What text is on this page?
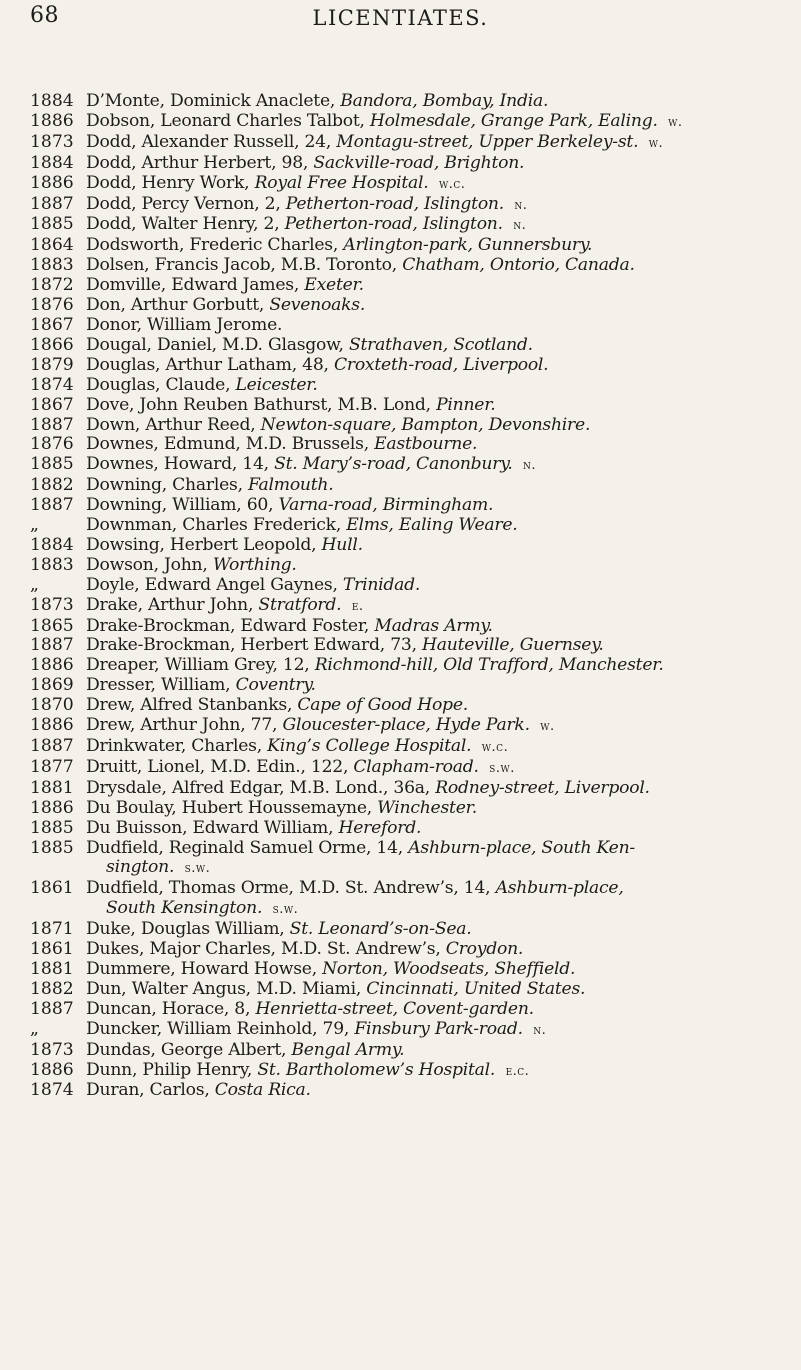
68	LICENTIATES.
1884 D’Monte, Dominick Anaclete, Bandora, Bombay, India.
1886 Dobson, Leonard Charles Talbot, Holmesdale, Grange Park, Ealing. w.
1873 Dodd, Alexander Russell, 24, Montagu-street, Upper Berkeley-st. w.
1884 Dodd, Arthur Herbert, 98, Sackville-road, Brighton.
1886 Dodd, Henry Work, Royal Free Hospital. w.c.
1887 Dodd, Percy Vernon, 2, Petherton-road, Islington. n.
1885 Dodd, Walter Henry, 2, Petherton-road, Islington. n.
1864 Dodsworth, Frederic Charles, Arlington-park, Gunnersbury.
1883 Dolsen, Francis Jacob, M.B. Toronto, Chatham, Ontorio, Canada.
1872 Domville, Edward James, Exeter.
1876 Don, Arthur Gorbutt, Sevenoaks.
1867 Donor, William Jerome.
1866 Dougal, Daniel, M.D. Glasgow, Strathaven, Scotland.
1879 Douglas, Arthur Latham, 48, Croxteth-road, Liverpool.
1874 Douglas, Claude, Leicester.
1867 Dove, John Reuben Bathurst, M.B. Lond, Pinner.
1887 Down, Arthur Reed, Newton-square, Bampton, Devonshire.
1876 Downes, Edmund, M.D. Brussels, Eastbourne.
1885 Downes, Howard, 14, St. Mary’s-road, Canonbury. n.
1882 Downing, Charles, Falmouth.
1887 Downing, William, 60, Varna-road, Birmingham.
„	Downman, Charles Frederick, Elms, Ealing Weare.
1884 Dowsing, Herbert Leopold, Hull.
1883 Dowson, John, Worthing.
„	Doyle, Edward Angel Gaynes, Trinidad.
1873 Drake, Arthur John, Stratford. e.
1865 Drake-Brockman, Edward Foster, Madras Army.
1887 Drake-Brockman, Herbert Edward, 73, Hauteville, Guernsey.
1886 Dreaper, William Grey, 12, Richmond-hill, Old Trafford, Manchester.
1869 Dresser, William, Coventry.
1870 Drew, Alfred Stanbanks, Cape of Good Hope.
1886 Drew, Arthur John, 77, Gloucester-place, Hyde Park. w.
1887 Drinkwater, Charles, King’s College Hospital. w.c.
1877 Druitt, Lionel, M.D. Edin., 122, Clapham-road. s.w.
1881 Drysdale, Alfred Edgar, M.B. Lond., 36a, Rodney-street, Liverpool.
1886 Du Boulay, Hubert Houssemayne, Winchester.
1885 Du Buisson, Edward William, Hereford.
1885 Dudfield, Reginald Samuel Orme, 14, Ashburn-place, South Ken-
sington. s.w.
1861 Dudfield, Thomas Orme, M.D. St. Andrew’s, 14, Ashburn-place,
South Kensington. s.w.
1871 Duke, Douglas William, St. Leonard’s-on-Sea.
1861 Dukes, Major Charles, M.D. St. Andrew’s, Croydon.
1881 Dummere, Howard Howse, Norton, Woodseats, Sheffield.
1882 Dun, Walter Angus, M.D. Miami, Cincinnati, United States.
1887 Duncan, Horace, 8, Henrietta-street, Covent-garden.
„	Duncker, William Reinhold, 79, Finsbury Park-road. n.
1873 Dundas, George Albert, Bengal Army.
1886 Dunn, Philip Henry, St. Bartholomew’s Hospital. e.c.
1874 Duran, Carlos, Costa Rica.
